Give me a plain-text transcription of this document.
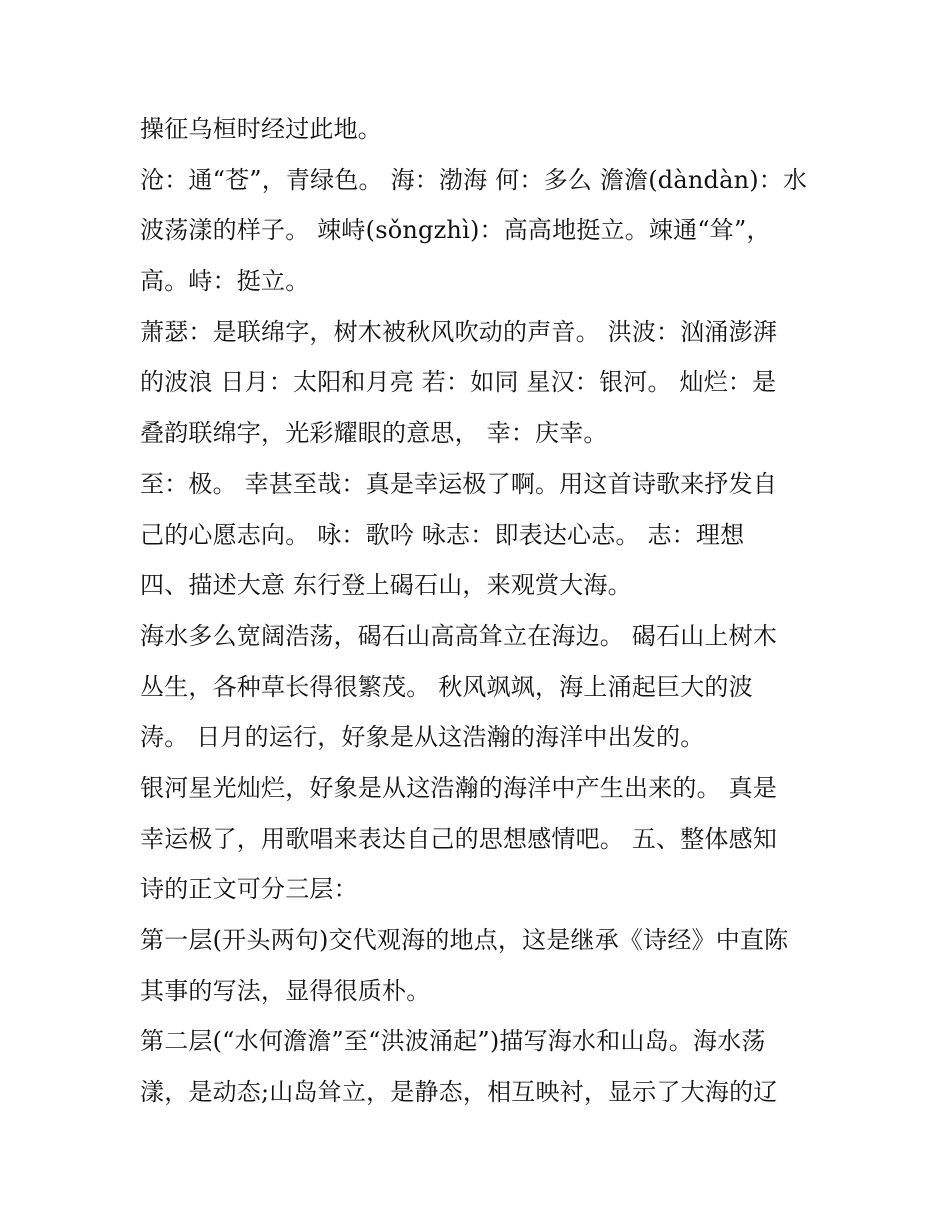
操征乌桓时经过此地。
沧：通“苍”，青绿色。 海：渤海 何：多么 澹澹(dàndàn)：水
波荡漾的样子。 竦峙(sǒngzhì)：高高地挺立。竦通“耸”，
高。峙：挺立。
萧瑟：是联绵字，树木被秋风吹动的声音。 洪波：汹涌澎湃
的波浪 日月：太阳和月亮 若：如同 星汉：银河。 灿烂：是
叠韵联绵字，光彩耀眼的意思， 幸：庆幸。
至：极。 幸甚至哉：真是幸运极了啊。用这首诗歌来抒发自
己的心愿志向。 咏：歌吟 咏志：即表达心志。 志：理想
四、描述大意 东行登上碣石山，来观赏大海。
海水多么宽阔浩荡，碣石山高高耸立在海边。 碣石山上树木
丛生，各种草长得很繁茂。 秋风飒飒，海上涌起巨大的波
涛。 日月的运行，好象是从这浩瀚的海洋中出发的。
银河星光灿烂，好象是从这浩瀚的海洋中产生出来的。 真是
幸运极了，用歌唱来表达自己的思想感情吧。 五、整体感知
诗的正文可分三层：
第一层(开头两句)交代观海的地点，这是继承《诗经》中直陈
其事的写法，显得很质朴。
第二层(“水何澹澹”至“洪波涌起”)描写海水和山岛。海水荡
漾，是动态;山岛耸立，是静态，相互映衬，显示了大海的辽
